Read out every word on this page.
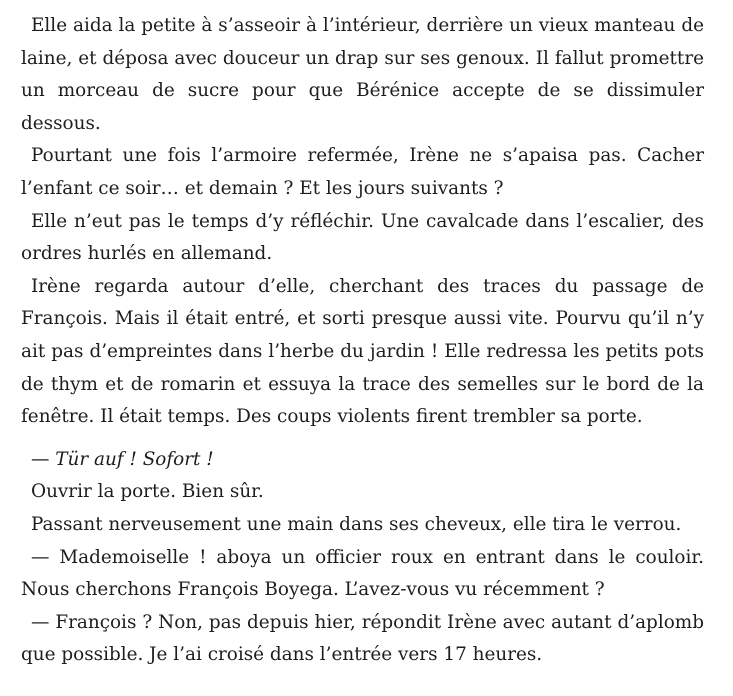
Elle aida la petite à s’asseoir à l’intérieur, derrière un vieux manteau de laine, et déposa avec douceur un drap sur ses genoux. Il fallut promettre un morceau de sucre pour que Bérénice accepte de se dissimuler dessous.

Pourtant une fois l’armoire refermée, Irène ne s’apaisa pas. Cacher l’enfant ce soir… et demain ? Et les jours suivants ?

Elle n’eut pas le temps d’y réfléchir. Une cavalcade dans l’escalier, des ordres hurlés en allemand.

Irène regarda autour d’elle, cherchant des traces du passage de François. Mais il était entré, et sorti presque aussi vite. Pourvu qu’il n’y ait pas d’empreintes dans l’herbe du jardin ! Elle redressa les petits pots de thym et de romarin et essuya la trace des semelles sur le bord de la fenêtre. Il était temps. Des coups violents firent trembler sa porte.

— Tür auf ! Sofort !

Ouvrir la porte. Bien sûr.

Passant nerveusement une main dans ses cheveux, elle tira le verrou.

— Mademoiselle ! aboya un officier roux en entrant dans le couloir. Nous cherchons François Boyega. L’avez-vous vu récemment ?

— François ? Non, pas depuis hier, répondit Irène avec autant d’aplomb que possible. Je l’ai croisé dans l’entrée vers 17 heures.
